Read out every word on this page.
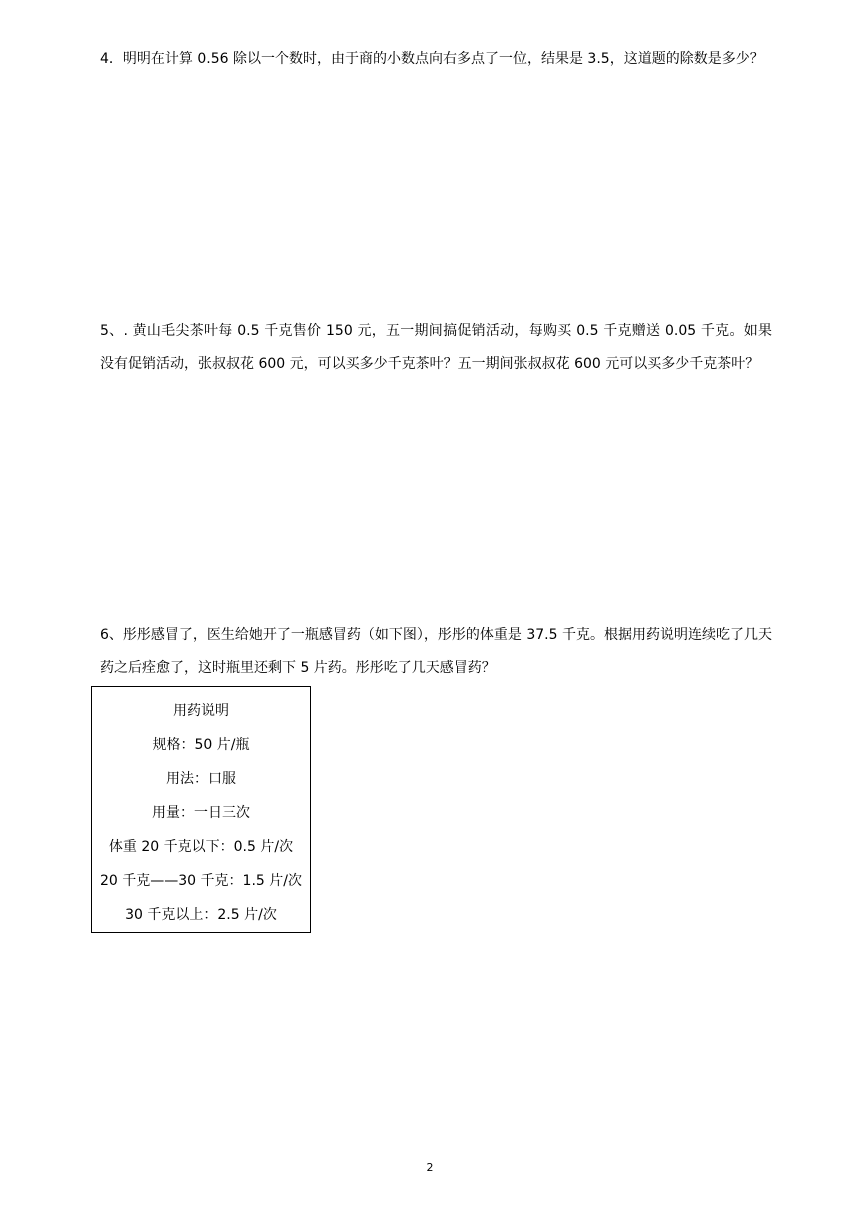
4．明明在计算 0.56 除以一个数时，由于商的小数点向右多点了一位，结果是 3.5，这道题的除数是多少？

5、. 黄山毛尖茶叶每 0.5 千克售价 150 元，五一期间搞促销活动，每购买 0.5 千克赠送 0.05 千克。如果没有促销活动，张叔叔花 600 元，可以买多少千克茶叶？五一期间张叔叔花 600 元可以买多少千克茶叶？

6、彤彤感冒了，医生给她开了一瓶感冒药（如下图），彤彤的体重是 37.5 千克。根据用药说明连续吃了几天药之后痊愈了，这时瓶里还剩下 5 片药。彤彤吃了几天感冒药？

用药说明
规格：50 片/瓶
用法：口服
用量：一日三次
体重 20 千克以下：0.5 片/次
20 千克——30 千克：1.5 片/次
30 千克以上：2.5 片/次
2
